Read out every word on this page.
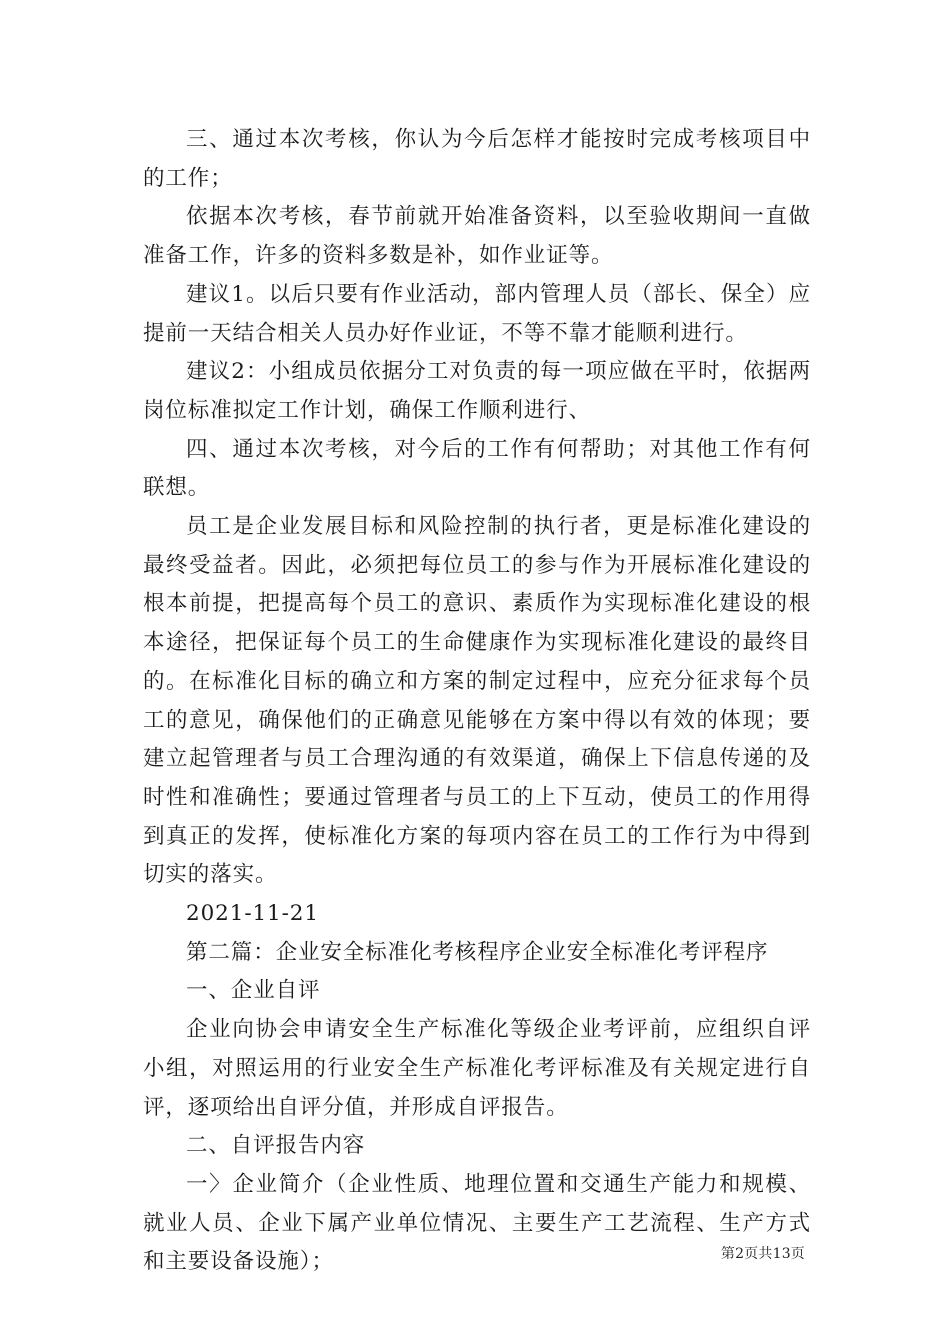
三、通过本次考核，你认为今后怎样才能按时完成考核项目中的工作；

依据本次考核，春节前就开始准备资料，以至验收期间一直做准备工作，许多的资料多数是补，如作业证等。

建议1。以后只要有作业活动，部内管理人员（部长、保全）应提前一天结合相关人员办好作业证，不等不靠才能顺利进行。

建议2：小组成员依据分工对负责的每一项应做在平时，依据两岗位标准拟定工作计划，确保工作顺利进行、

四、通过本次考核，对今后的工作有何帮助；对其他工作有何联想。

员工是企业发展目标和风险控制的执行者，更是标准化建设的最终受益者。因此，必须把每位员工的参与作为开展标准化建设的根本前提，把提高每个员工的意识、素质作为实现标准化建设的根本途径，把保证每个员工的生命健康作为实现标准化建设的最终目的。在标准化目标的确立和方案的制定过程中，应充分征求每个员工的意见，确保他们的正确意见能够在方案中得以有效的体现；要建立起管理者与员工合理沟通的有效渠道，确保上下信息传递的及时性和准确性；要通过管理者与员工的上下互动，使员工的作用得到真正的发挥，使标准化方案的每项内容在员工的工作行为中得到切实的落实。

2021-11-21

第二篇：企业安全标准化考核程序企业安全标准化考评程序

一、企业自评

企业向协会申请安全生产标准化等级企业考评前，应组织自评小组，对照运用的行业安全生产标准化考评标准及有关规定进行自评，逐项给出自评分值，并形成自评报告。

二、自评报告内容

一〉企业简介（企业性质、地理位置和交通生产能力和规模、就业人员、企业下属产业单位情况、主要生产工艺流程、生产方式和主要设备设施）；	第2页共13页
